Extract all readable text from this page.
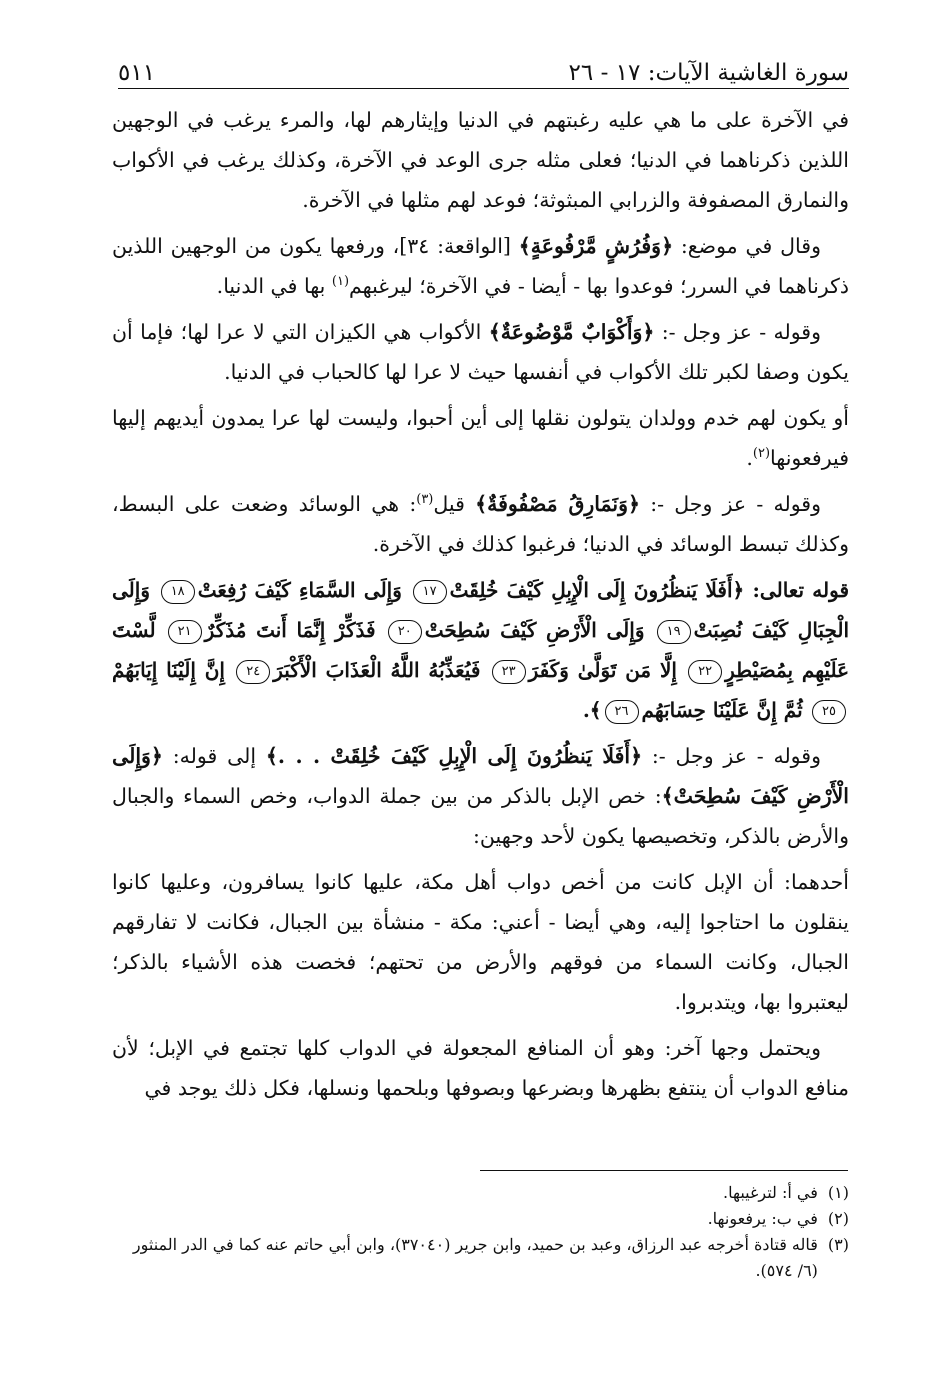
سورة الغاشية الآيات: ١٧ - ٢٦
٥١١

في الآخرة على ما هي عليه رغبتهم في الدنيا وإيثارهم لها، والمرء يرغب في الوجهين اللذين ذكرناهما في الدنيا؛ فعلى مثله جرى الوعد في الآخرة، وكذلك يرغب في الأكواب والنمارق المصفوفة والزرابي المبثوثة؛ فوعد لهم مثلها في الآخرة.

وقال في موضع: ﴿وَفُرُشٍ مَّرْفُوعَةٍ﴾ [الواقعة: ٣٤]، ورفعها يكون من الوجهين اللذين ذكرناهما في السرر؛ فوعدوا بها - أيضا - في الآخرة؛ ليرغبهم$^{(١)}$ بها في الدنيا.

وقوله - عز وجل -: ﴿وَأَكْوَابٌ مَّوْضُوعَةٌ﴾ الأكواب هي الكيزان التي لا عرا لها؛ فإما أن يكون وصفا لكبر تلك الأكواب في أنفسها حيث لا عرا لها كالحباب في الدنيا.

أو يكون لهم خدم وولدان يتولون نقلها إلى أين أحبوا، وليست لها عرا يمدون أيديهم إليها فيرفعونها$^{(٢)}$.

وقوله - عز وجل -: ﴿وَنَمَارِقُ مَصْفُوفَةٌ﴾ قيل$^{(٣)}$: هي الوسائد وضعت على البسط، وكذلك تبسط الوسائد في الدنيا؛ فرغبوا كذلك في الآخرة.

قوله تعالى: ﴿أَفَلَا يَنظُرُونَ إِلَى الْإِبِلِ كَيْفَ خُلِقَتْ١٧ وَإِلَى السَّمَاءِ كَيْفَ رُفِعَتْ١٨ وَإِلَى الْجِبَالِ كَيْفَ نُصِبَتْ١٩ وَإِلَى الْأَرْضِ كَيْفَ سُطِحَتْ٢٠ فَذَكِّرْ إِنَّمَا أَنتَ مُذَكِّرٌ٢١ لَّسْتَ عَلَيْهِم بِمُصَيْطِرٍ٢٢ إِلَّا مَن تَوَلَّىٰ وَكَفَرَ٢٣ فَيُعَذِّبُهُ اللَّهُ الْعَذَابَ الْأَكْبَرَ٢٤ إِنَّ إِلَيْنَا إِيَابَهُمْ٢٥ ثُمَّ إِنَّ عَلَيْنَا حِسَابَهُم٢٦﴾.

وقوله - عز وجل -: ﴿أَفَلَا يَنظُرُونَ إِلَى الْإِبِلِ كَيْفَ خُلِقَتْ . . .﴾ إلى قوله: ﴿وَإِلَى الْأَرْضِ كَيْفَ سُطِحَتْ﴾: خص الإبل بالذكر من بين جملة الدواب، وخص السماء والجبال والأرض بالذكر، وتخصيصها يكون لأحد وجهين:

أحدهما: أن الإبل كانت من أخص دواب أهل مكة، عليها كانوا يسافرون، وعليها كانوا ينقلون ما احتاجوا إليه، وهي أيضا - أعني: مكة - منشأة بين الجبال، فكانت لا تفارقهم الجبال، وكانت السماء من فوقهم والأرض من تحتهم؛ فخصت هذه الأشياء بالذكر؛ ليعتبروا بها، ويتدبروا.

ويحتمل وجها آخر: وهو أن المنافع المجعولة في الدواب كلها تجتمع في الإبل؛ لأن منافع الدواب أن ينتفع بظهرها وبضرعها وبصوفها وبلحمها ونسلها، فكل ذلك يوجد في

(١)
في أ: لترغيبها.
(٢)
في ب: يرفعونها.
(٣)
قاله قتادة أخرجه عبد الرزاق، وعبد بن حميد، وابن جرير (٣٧٠٤٠)، وابن أبي حاتم عنه كما في الدر المنثور (٦/ ٥٧٤).
